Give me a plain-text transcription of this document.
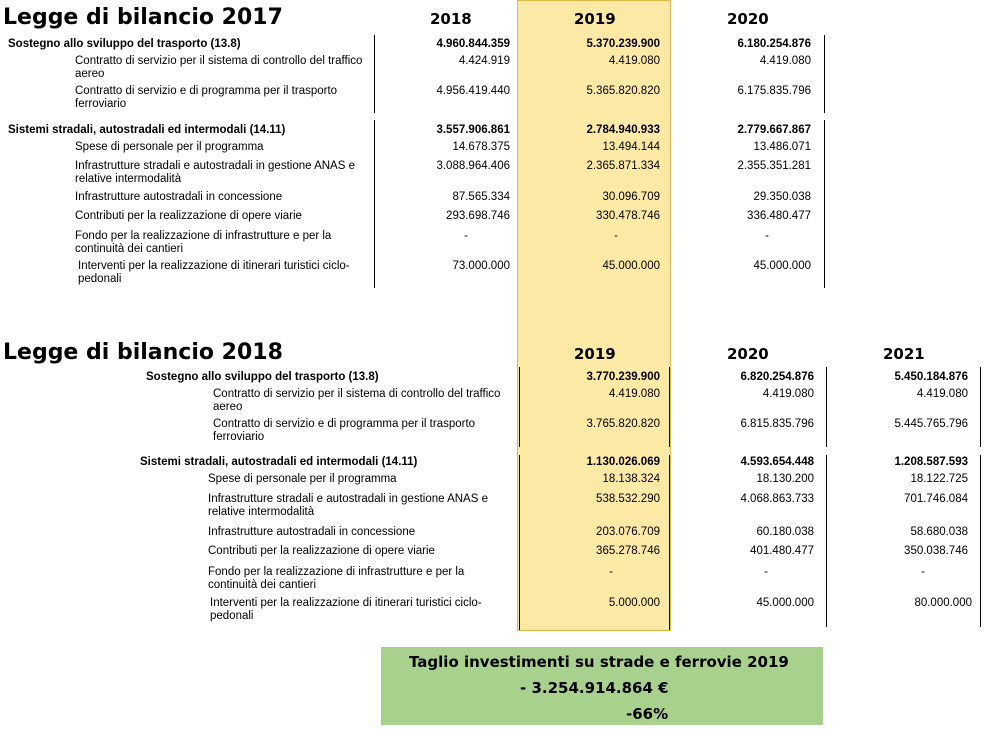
Legge di bilancio 2017	2018	2019	2020
Sostegno allo sviluppo del trasporto (13.8)	4.960.844.359	5.370.239.900	6.180.254.876
Contratto di servizio per il sistema di controllo del traffico aereo
4.424.919	4.419.080	4.419.080
Contratto di servizio e di programma per il trasporto ferroviario
4.956.419.440	5.365.820.820	6.175.835.796
Sistemi stradali, autostradali ed intermodali (14.11)	3.557.906.861	2.784.940.933	2.779.667.867
Spese di personale per il programma	14.678.375	13.494.144	13.486.071
Infrastrutture stradali e autostradali in gestione ANAS e relative intermodalità
3.088.964.406	2.365.871.334	2.355.351.281
Infrastrutture autostradali in concessione	87.565.334	30.096.709	29.350.038
Contributi per la realizzazione di opere viarie	293.698.746	330.478.746	336.480.477
Fondo per la realizzazione di infrastrutture e per la continuità dei cantieri
-	-	-
Interventi per la realizzazione di itinerari turistici ciclo-pedonali
73.000.000	45.000.000	45.000.000
Legge di bilancio 2018	2019	2020	2021
Sostegno allo sviluppo del trasporto (13.8)	3.770.239.900	6.820.254.876	5.450.184.876
Contratto di servizio per il sistema di controllo del traffico aereo
4.419.080	4.419.080	4.419.080
Contratto di servizio e di programma per il trasporto ferroviario
3.765.820.820	6.815.835.796	5.445.765.796
Sistemi stradali, autostradali ed intermodali (14.11)	1.130.026.069	4.593.654.448	1.208.587.593
Spese di personale per il programma	18.138.324	18.130.200	18.122.725
Infrastrutture stradali e autostradali in gestione ANAS e relative intermodalità
538.532.290	4.068.863.733	701.746.084
Infrastrutture autostradali in concessione	203.076.709	60.180.038	58.680.038
Contributi per la realizzazione di opere viarie	365.278.746	401.480.477	350.038.746
Fondo per la realizzazione di infrastrutture e per la continuità dei cantieri
-	-	-
Interventi per la realizzazione di itinerari turistici ciclo-pedonali
5.000.000	45.000.000	80.000.000
Taglio investimenti su strade e ferrovie 2019
- 3.254.914.864 €
-66%
